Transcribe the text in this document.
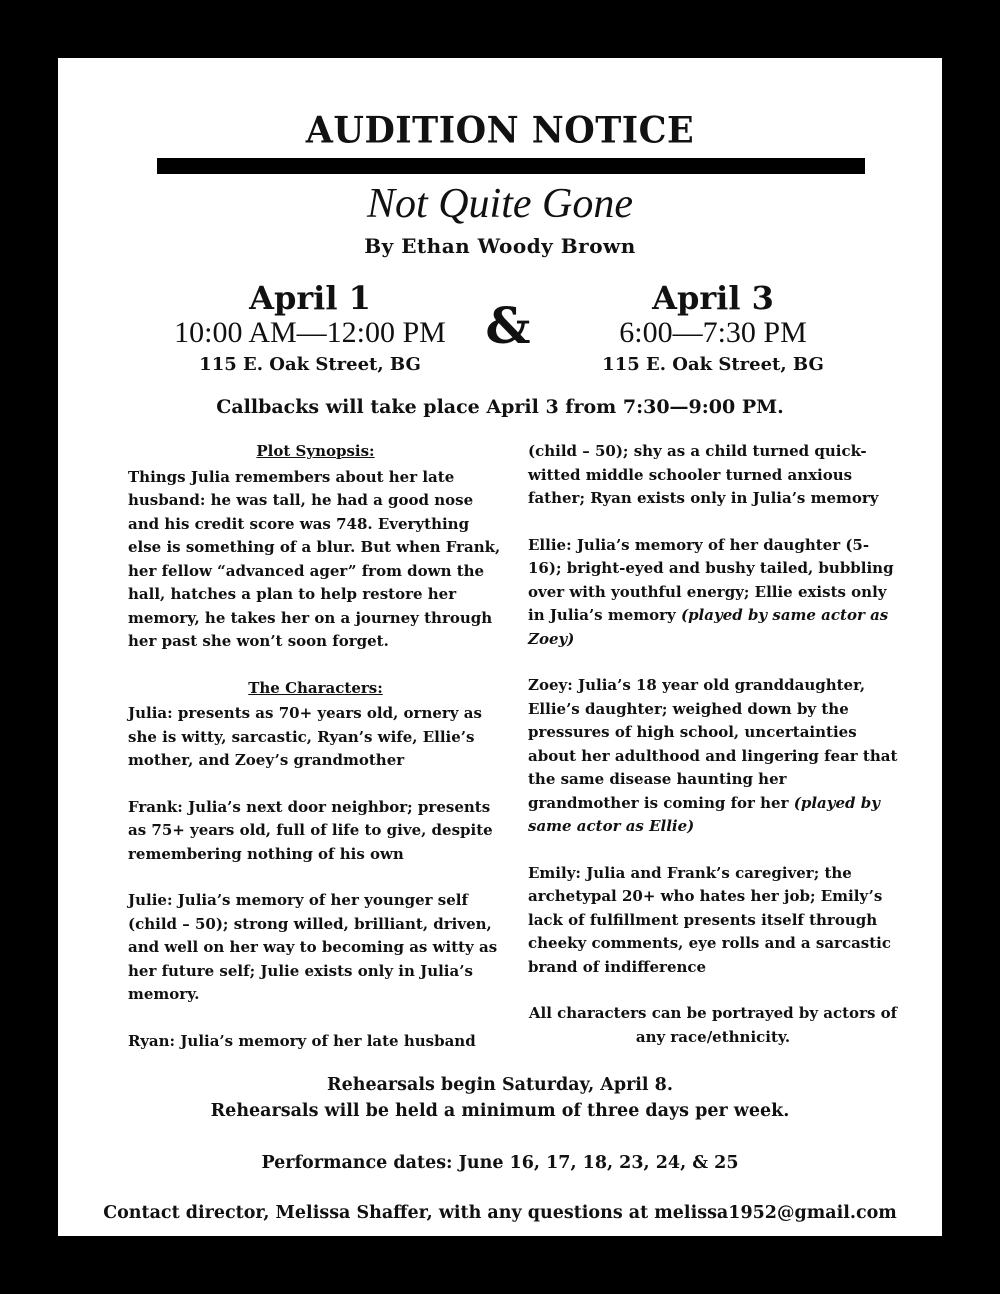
AUDITION NOTICE
Not Quite Gone
By Ethan Woody Brown
April 1
10:00 AM—12:00 PM
115 E. Oak Street, BG
&	April 3
6:00—7:30 PM
115 E. Oak Street, BG
Callbacks will take place April 3 from 7:30—9:00 PM.
Plot Synopsis:

Things Julia remembers about her late husband: he was tall, he had a good nose and his credit score was 748. Everything else is something of a blur. But when Frank, her fellow “advanced ager” from down the hall, hatches a plan to help restore her memory, he takes her on a journey through her past she won’t soon forget.

The Characters:

Julia: presents as 70+ years old, ornery as she is witty, sarcastic, Ryan’s wife, Ellie’s mother, and Zoey’s grandmother

Frank: Julia’s next door neighbor; presents as 75+ years old, full of life to give, despite remembering nothing of his own

Julie: Julia’s memory of her younger self (child – 50); strong willed, brilliant, driven, and well on her way to becoming as witty as her future self; Julie exists only in Julia’s memory.

Ryan: Julia’s memory of her late husband

(child – 50); shy as a child turned quick-witted middle schooler turned anxious father; Ryan exists only in Julia’s memory

Ellie: Julia’s memory of her daughter (5-16); bright-eyed and bushy tailed, bubbling over with youthful energy; Ellie exists only in Julia’s memory (played by same actor as Zoey)

Zoey: Julia’s 18 year old granddaughter, Ellie’s daughter; weighed down by the pressures of high school, uncertainties about her adulthood and lingering fear that the same disease haunting her grandmother is coming for her (played by same actor as Ellie)

Emily: Julia and Frank’s caregiver; the archetypal 20+ who hates her job; Emily’s lack of fulfillment presents itself through cheeky comments, eye rolls and a sarcastic brand of indifference

All characters can be portrayed by actors of any race/ethnicity.

Rehearsals begin Saturday, April 8.
Rehearsals will be held a minimum of three days per week.
Performance dates: June 16, 17, 18, 23, 24, & 25
Contact director, Melissa Shaffer, with any questions at melissa1952@gmail.com
